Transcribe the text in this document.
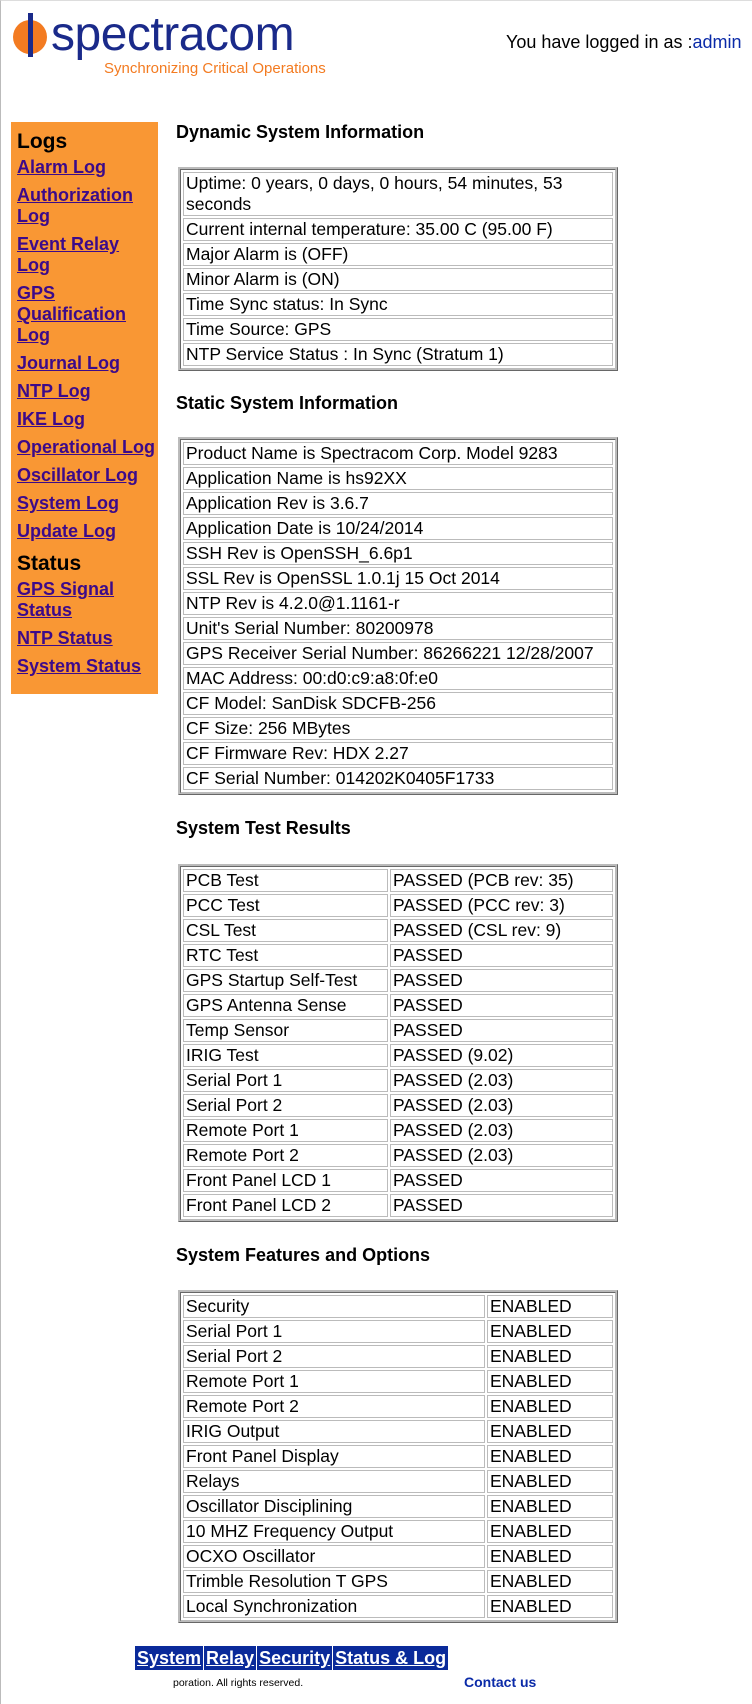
spectracom
Synchronizing Critical Operations
You have logged in as :admin
Logs
Alarm Log
Authorization Log
Event Relay Log
GPS Qualification Log
Journal Log
NTP Log
IKE Log
Operational Log
Oscillator Log
System Log
Update Log
Status
GPS Signal Status
NTP Status
System Status
Dynamic System Information
Uptime: 0 years, 0 days, 0 hours, 54 minutes, 53 seconds
Current internal temperature: 35.00 C (95.00 F)
Major Alarm is (OFF)
Minor Alarm is (ON)
Time Sync status: In Sync
Time Source: GPS
NTP Service Status : In Sync (Stratum 1)
Static System Information
Product Name is Spectracom Corp. Model 9283
Application Name is hs92XX
Application Rev is 3.6.7
Application Date is 10/24/2014
SSH Rev is OpenSSH_6.6p1
SSL Rev is OpenSSL 1.0.1j 15 Oct 2014
NTP Rev is 4.2.0@1.1161-r
Unit's Serial Number: 80200978
GPS Receiver Serial Number: 86266221 12/28/2007
MAC Address: 00:d0:c9:a8:0f:e0
CF Model: SanDisk SDCFB-256
CF Size: 256 MBytes
CF Firmware Rev: HDX 2.27
CF Serial Number: 014202K0405F1733
System Test Results
PCB Test	PASSED (PCB rev: 35)
PCC Test	PASSED (PCC rev: 3)
CSL Test	PASSED (CSL rev: 9)
RTC Test	PASSED
GPS Startup Self-Test	PASSED
GPS Antenna Sense	PASSED
Temp Sensor	PASSED
IRIG Test	PASSED (9.02)
Serial Port 1	PASSED (2.03)
Serial Port 2	PASSED (2.03)
Remote Port 1	PASSED (2.03)
Remote Port 2	PASSED (2.03)
Front Panel LCD 1	PASSED
Front Panel LCD 2	PASSED
System Features and Options
Security	ENABLED
Serial Port 1	ENABLED
Serial Port 2	ENABLED
Remote Port 1	ENABLED
Remote Port 2	ENABLED
IRIG Output	ENABLED
Front Panel Display	ENABLED
Relays	ENABLED
Oscillator Disciplining	ENABLED
10 MHZ Frequency Output	ENABLED
OCXO Oscillator	ENABLED
Trimble Resolution T GPS	ENABLED
Local Synchronization	ENABLED
System Relay Security Status & Log
poration. All rights reserved.	Contact us
